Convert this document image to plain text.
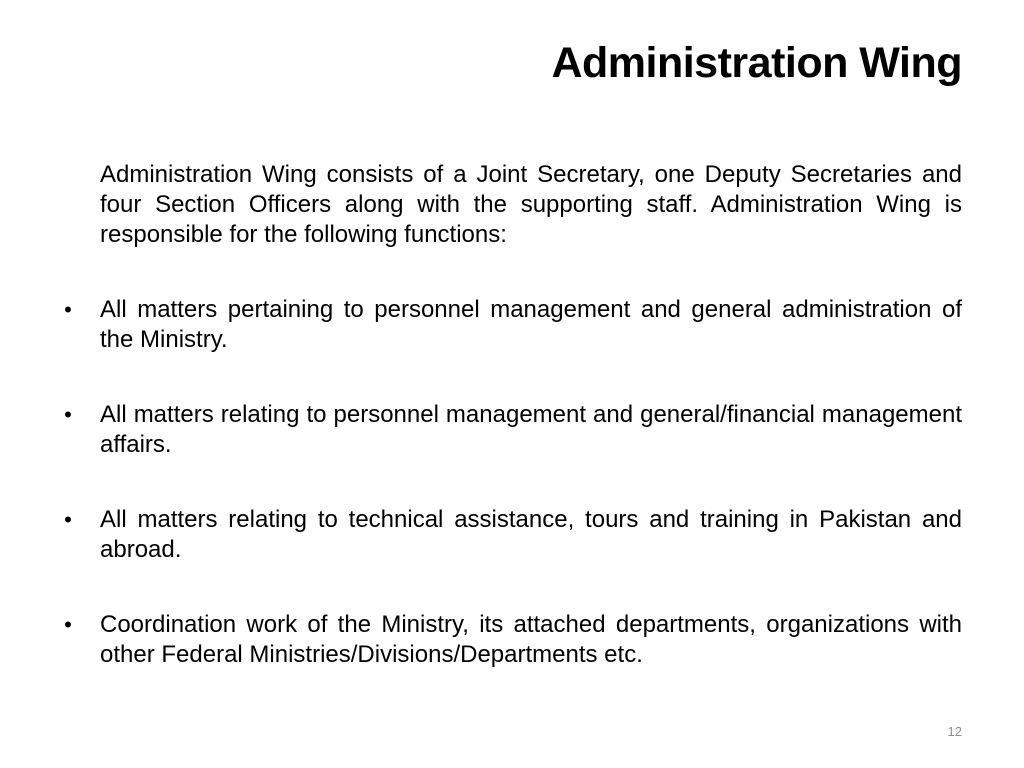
Administration Wing

Administration Wing consists of a Joint Secretary, one Deputy Secretaries and four Section Officers along with the supporting staff. Administration Wing is responsible for the following functions:

• All matters pertaining to personnel management and general administration of the Ministry.
• All matters relating to personnel management and general/financial management affairs.
• All matters relating to technical assistance, tours and training in Pakistan and abroad.
• Coordination work of the Ministry, its attached departments, organizations with other Federal Ministries/Divisions/Departments etc.
12
